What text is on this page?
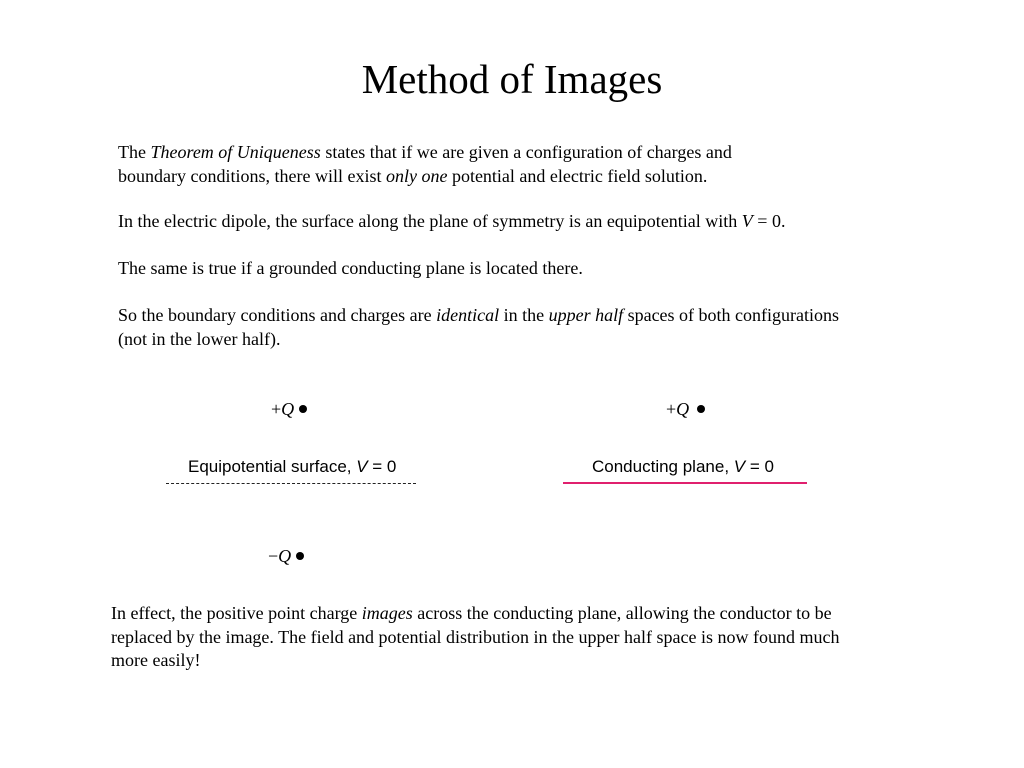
Method of Images

The Theorem of Uniqueness states that if we are given a configuration of charges and
boundary conditions, there will exist only one potential and electric field solution.

In the electric dipole, the surface along the plane of symmetry is an equipotential with V = 0.

The same is true if a grounded conducting plane is located there.

So the boundary conditions and charges are identical in the upper half spaces of both configurations
(not in the lower half).

+Q
Equipotential surface, V = 0
−Q
+Q
Conducting plane, V = 0

In effect, the positive point charge images across the conducting plane, allowing the conductor to be
replaced by the image. The field and potential distribution in the upper half space is now found much
more easily!
